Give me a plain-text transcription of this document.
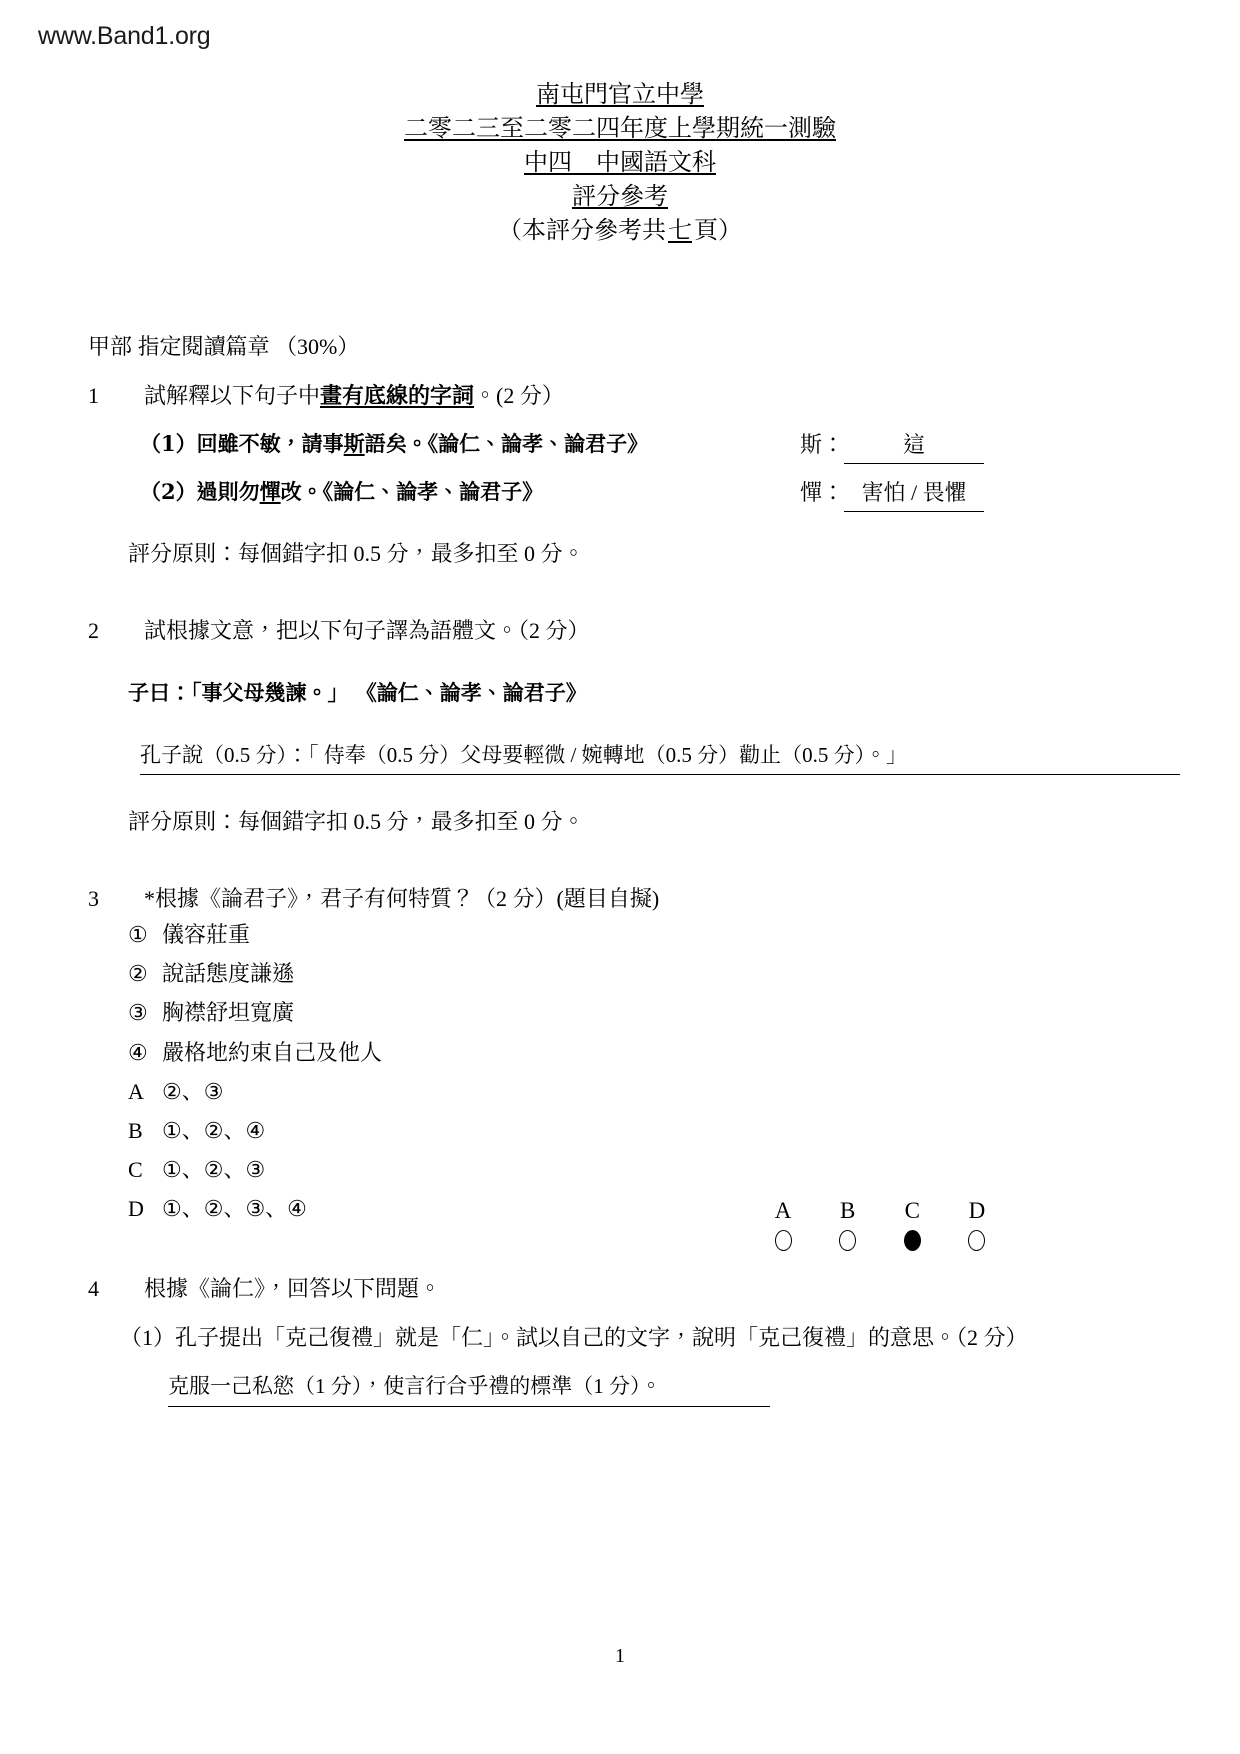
www.Band1.org

南屯門官立中學

二零二三至二零二四年度上學期統一測驗

中四　中國語文科

評分參考

（本評分參考共七頁）

甲部 指定閱讀篇章 （30%）
1	試解釋以下句子中畫有底線的字詞。(2 分）
（1）回雖不敏，請事斯語矣。《論仁、論孝、論君子》	斯：	這
（2）過則勿憚改。《論仁、論孝、論君子》	憚： 害怕 / 畏懼
評分原則：每個錯字扣 0.5 分，最多扣至 0 分。
2	試根據文意，把以下句子譯為語體文。（2 分）
子曰：「事父母幾諫。」 《論仁、論孝、論君子》
孔子說（0.5 分）：「 侍奉（0.5 分）父母要輕微 / 婉轉地（0.5 分）勸止（0.5 分）。」
評分原則：每個錯字扣 0.5 分，最多扣至 0 分。
3	*根據《論君子》，君子有何特質？（2 分）(題目自擬)
① 儀容莊重
② 說話態度謙遜
③ 胸襟舒坦寬廣
④ 嚴格地約束自己及他人
A ②、③
B ①、②、④
C ①、②、③
D ①、②、③、④
4	根據《論仁》，回答以下問題。
（1）孔子提出「克己復禮」就是「仁」。試以自己的文字，說明「克己復禮」的意思。（2 分）
克服一己私慾（1 分），使言行合乎禮的標準（1 分）。
A	B	C	D
1
